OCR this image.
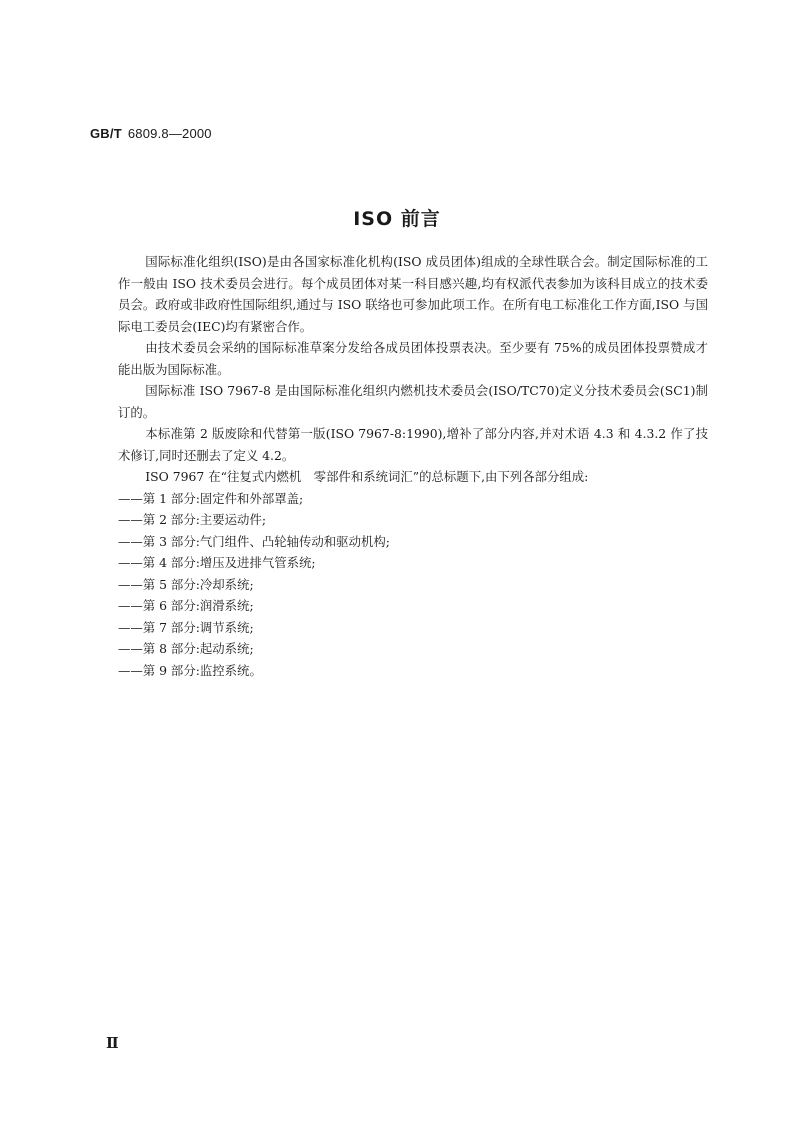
GB/T 6809.8—2000
ISO 前言

国际标准化组织(ISO)是由各国家标准化机构(ISO 成员团体)组成的全球性联合会。制定国际标准的工作一般由 ISO 技术委员会进行。每个成员团体对某一科目感兴趣,均有权派代表参加为该科目成立的技术委员会。政府或非政府性国际组织,通过与 ISO 联络也可参加此项工作。在所有电工标准化工作方面,ISO 与国际电工委员会(IEC)均有紧密合作。

由技术委员会采纳的国际标准草案分发给各成员团体投票表决。至少要有 75%的成员团体投票赞成才能出版为国际标准。

国际标准 ISO 7967-8 是由国际标准化组织内燃机技术委员会(ISO/TC70)定义分技术委员会(SC1)制订的。

本标准第 2 版废除和代替第一版(ISO 7967-8:1990),增补了部分内容,并对术语 4.3 和 4.3.2 作了技术修订,同时还删去了定义 4.2。

ISO 7967 在“往复式内燃机　零部件和系统词汇”的总标题下,由下列各部分组成:

——第 1 部分:固定件和外部罩盖;
——第 2 部分:主要运动件;
——第 3 部分:气门组件、凸轮轴传动和驱动机构;
——第 4 部分:增压及进排气管系统;
——第 5 部分:冷却系统;
——第 6 部分:润滑系统;
——第 7 部分:调节系统;
——第 8 部分:起动系统;
——第 9 部分:监控系统。
Ⅱ
